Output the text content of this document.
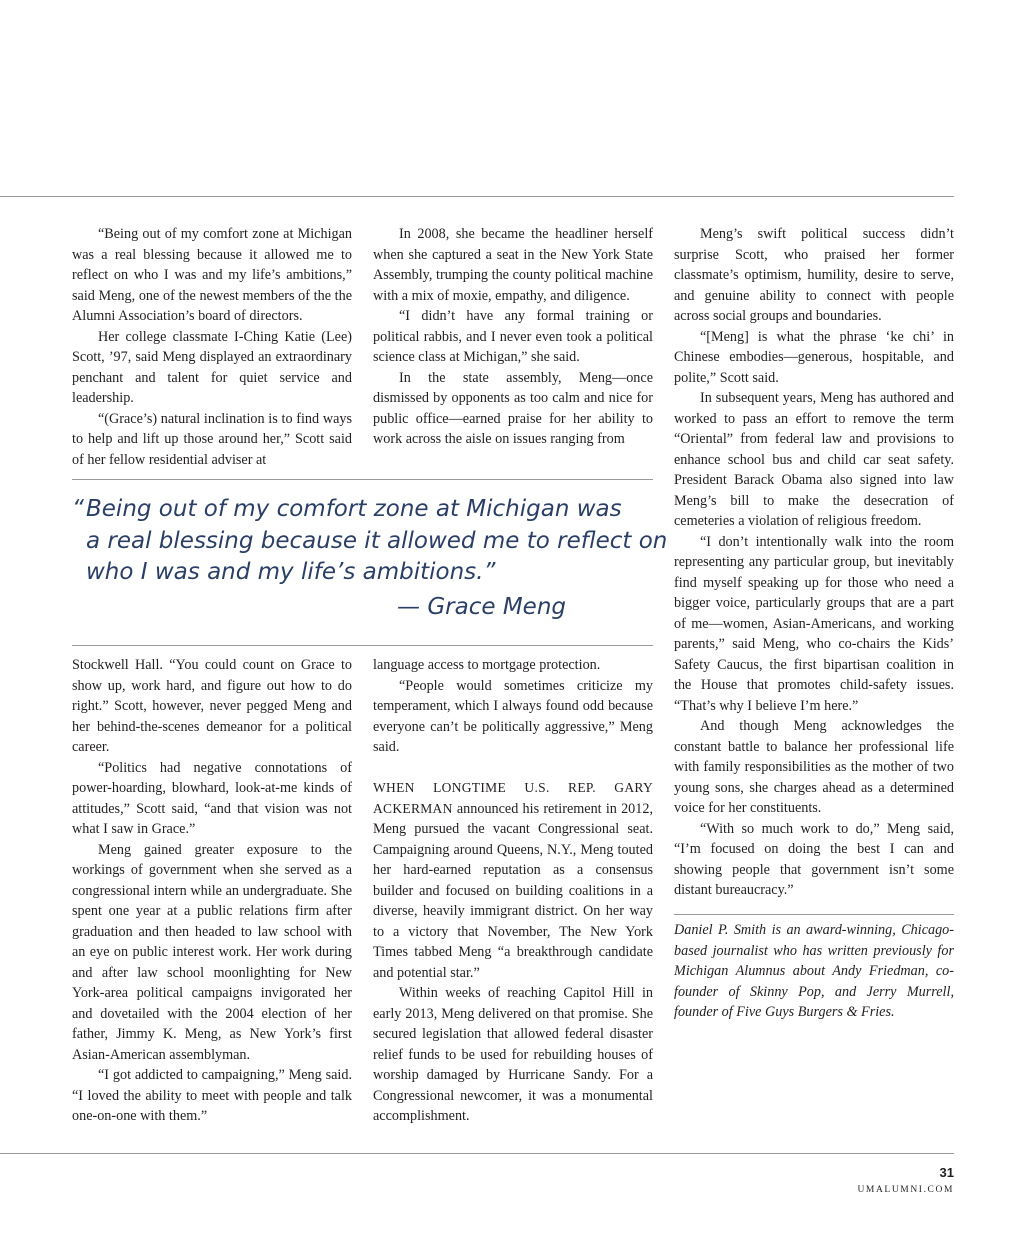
“Being out of my comfort zone at Michigan was a real blessing because it allowed me to reflect on who I was and my life’s ambitions,” said Meng, one of the newest members of the the Alumni Association’s board of directors.

Her college classmate I-Ching Katie (Lee) Scott, ’97, said Meng displayed an extraordinary penchant and talent for quiet service and leadership.

“(Grace’s) natural inclination is to find ways to help and lift up those around her,” Scott said of her fellow residential adviser at

In 2008, she became the headliner herself when she captured a seat in the New York State Assembly, trumping the county political machine with a mix of moxie, empathy, and diligence.

“I didn’t have any formal training or political rabbis, and I never even took a political science class at Michigan,” she said.

In the state assembly, Meng—once dismissed by opponents as too calm and nice for public office—earned praise for her ability to work across the aisle on issues ranging from

“ Being out of my comfort zone at Michigan was
a real blessing because it allowed me to reflect on
who I was and my life’s ambitions.”
— Grace Meng

Stockwell Hall. “You could count on Grace to show up, work hard, and figure out how to do right.” Scott, however, never pegged Meng and her behind-the-scenes demeanor for a political career.

“Politics had negative connotations of power-hoarding, blowhard, look-at-me kinds of attitudes,” Scott said, “and that vision was not what I saw in Grace.”

Meng gained greater exposure to the workings of government when she served as a congressional intern while an undergraduate. She spent one year at a public relations firm after graduation and then headed to law school with an eye on public interest work. Her work during and after law school moonlighting for New York-area political campaigns invigorated her and dovetailed with the 2004 election of her father, Jimmy K. Meng, as New York’s first Asian-American assemblyman.

“I got addicted to campaigning,” Meng said. “I loved the ability to meet with people and talk one-on-one with them.”

language access to mortgage protection.

“People would sometimes criticize my temperament, which I always found odd because everyone can’t be politically aggressive,” Meng said.

WHEN LONGTIME U.S. REP. GARY ACKERMAN announced his retirement in 2012, Meng pursued the vacant Congressional seat. Campaigning around Queens, N.Y., Meng touted her hard-earned reputation as a consensus builder and focused on building coalitions in a diverse, heavily immigrant district. On her way to a victory that November, The New York Times tabbed Meng “a breakthrough candidate and potential star.”

Within weeks of reaching Capitol Hill in early 2013, Meng delivered on that promise. She secured legislation that allowed federal disaster relief funds to be used for rebuilding houses of worship damaged by Hurricane Sandy. For a Congressional newcomer, it was a monumental accomplishment.

Meng’s swift political success didn’t surprise Scott, who praised her former classmate’s optimism, humility, desire to serve, and genuine ability to connect with people across social groups and boundaries.

“[Meng] is what the phrase ‘ke chi’ in Chinese embodies—generous, hospitable, and polite,” Scott said.

In subsequent years, Meng has authored and worked to pass an effort to remove the term “Oriental” from federal law and provisions to enhance school bus and child car seat safety. President Barack Obama also signed into law Meng’s bill to make the desecration of cemeteries a violation of religious freedom.

“I don’t intentionally walk into the room representing any particular group, but inevitably find myself speaking up for those who need a bigger voice, particularly groups that are a part of me—women, Asian-Americans, and working parents,” said Meng, who co-chairs the Kids’ Safety Caucus, the first bipartisan coalition in the House that promotes child-safety issues. “That’s why I believe I’m here.”

And though Meng acknowledges the constant battle to balance her professional life with family responsibilities as the mother of two young sons, she charges ahead as a determined voice for her constituents.

“With so much work to do,” Meng said, “I’m focused on doing the best I can and showing people that government isn’t some distant bureaucracy.”

Daniel P. Smith is an award-winning, Chicago-based journalist who has written previously for Michigan Alumnus about Andy Friedman, co-founder of Skinny Pop, and Jerry Murrell, founder of Five Guys Burgers & Fries.
31
UMALUMNI.COM
